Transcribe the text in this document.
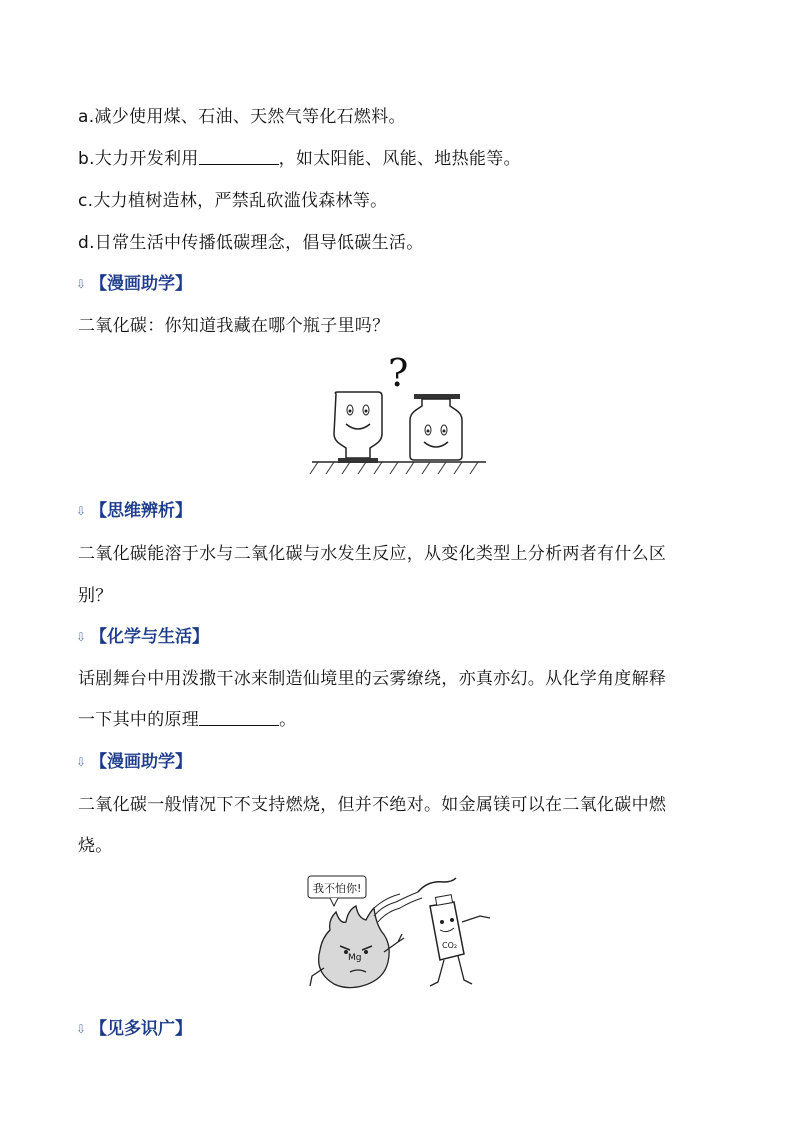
a.减少使用煤、石油、天然气等化石燃料。
b.大力开发利用	，如太阳能、风能、地热能等。
c.大力植树造林，严禁乱砍滥伐森林等。
d.日常生活中传播低碳理念，倡导低碳生活。
⇩ 【漫画助学】
二氧化碳：你知道我藏在哪个瓶子里吗？
?
⇩ 【思维辨析】
二氧化碳能溶于水与二氧化碳与水发生反应，从变化类型上分析两者有什么区
别？
⇩ 【化学与生活】
话剧舞台中用泼撒干冰来制造仙境里的云雾缭绕，亦真亦幻。从化学角度解释
一下其中的原理	。
⇩ 【漫画助学】
二氧化碳一般情况下不支持燃烧，但并不绝对。如金属镁可以在二氧化碳中燃
烧。
我不怕你!
Mg
CO₂
⇩ 【见多识广】
